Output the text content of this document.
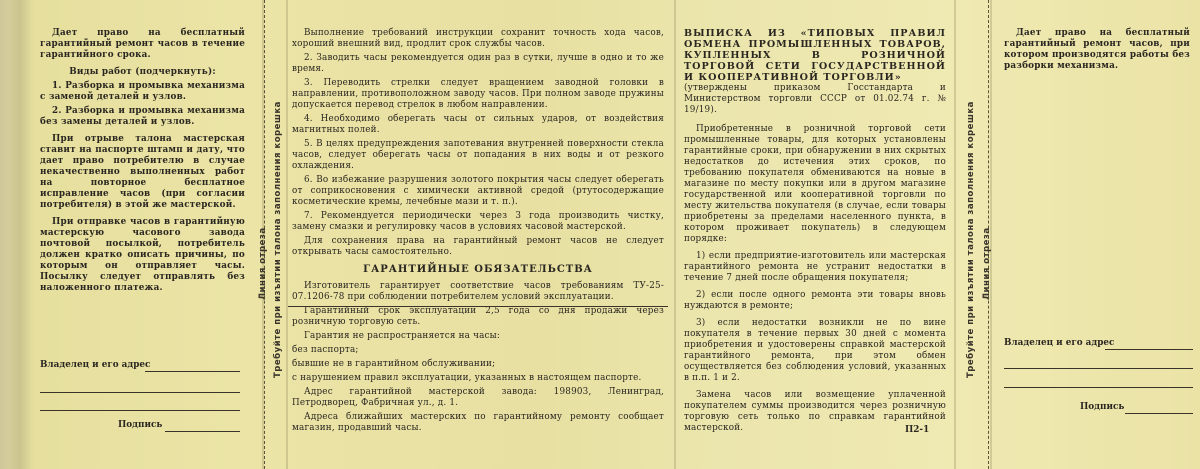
Дает право на бесплатный гарантийный ремонт часов в течение гарантийного срока.

Виды работ (подчеркнуть):

1. Разборка и промывка механизма с заменой деталей и узлов.

2. Разборка и промывка механизма без замены деталей и узлов.

При отрыве талона мастерская ставит на паспорте штамп и дату, что дает право потребителю в случае некачественно выполненных работ на повторное бесплатное исправление часов (при согласии потребителя) в этой же мастерской.

При отправке часов в гарантийную мастерскую часового завода почтовой посылкой, потребитель должен кратко описать причины, по которым он отправляет часы. Посылку следует отправлять без наложенного платежа.

Владелец и его адрес
Подпись
Линия отреза Требуйте при изъятии талона заполнения корешка

Выполнение требований инструкции сохранит точность хода часов, хороший внешний вид, продлит срок службы часов.

2. Заводить часы рекомендуется один раз в сутки, лучше в одно и то же время.

3. Переводить стрелки следует вращением заводной головки в направлении, противоположном заводу часов. При полном заводе пружины допускается перевод стрелок в любом направлении.

4. Необходимо оберегать часы от сильных ударов, от воздействия магнитных полей.

5. В целях предупреждения запотевания внутренней поверхности стекла часов, следует оберегать часы от попадания в них воды и от резкого охлаждения.

6. Во избежание разрушения золотого покрытия часы следует оберегать от соприкосновения с химически активной средой (ртутосодержащие косметические кремы, лечебные мази и т. п.).

7. Рекомендуется периодически через 3 года производить чистку, замену смазки и регулировку часов в условиях часовой мастерской.

Для сохранения права на гарантийный ремонт часов не следует открывать часы самостоятельно.

ГАРАНТИЙНЫЕ ОБЯЗАТЕЛЬСТВА

Изготовитель гарантирует соответствие часов требованиям ТУ-25-07.1206-78 при соблюдении потребителем условий эксплуатации.

Гарантийный срок эксплуатации 2,5 года со дня продажи через розничную торговую сеть.

Гарантия не распространяется на часы:

без паспорта;

бывшие не в гарантийном обслуживании;

с нарушением правил эксплуатации, указанных в настоящем паспорте.

Адрес гарантийной мастерской завода: 198903, Ленинград, Петродворец, Фабричная ул., д. 1.

Адреса ближайших мастерских по гарантийному ремонту сообщает магазин, продавший часы.

ВЫПИСКА ИЗ «ТИПОВЫХ ПРАВИЛ ОБМЕНА ПРОМЫШЛЕННЫХ ТОВАРОВ, КУПЛЕННЫХ В РОЗНИЧНОЙ ТОРГОВОЙ СЕТИ ГОСУДАРСТВЕННОЙ И КООПЕРАТИВНОЙ ТОРГОВЛИ»

(утверждены приказом Госстандарта и Министерством торговли СССР от 01.02.74 г. № 19/19).

Приобретенные в розничной торговой сети промышленные товары, для которых установлены гарантийные сроки, при обнаружении в них скрытых недостатков до истечения этих сроков, по требованию покупателя обмениваются на новые в магазине по месту покупки или в другом магазине государственной или кооперативной торговли по месту жительства покупателя (в случае, если товары приобретены за пределами населенного пункта, в котором проживает покупатель) в следующем порядке:

1) если предприятие-изготовитель или мастерская гарантийного ремонта не устранит недостатки в течение 7 дней после обращения покупателя;

2) если после одного ремонта эти товары вновь нуждаются в ремонте;

3) если недостатки возникли не по вине покупателя в течение первых 30 дней с момента приобретения и удостоверены справкой мастерской гарантийного ремонта, при этом обмен осуществляется без соблюдения условий, указанных в п.п. 1 и 2.

Замена часов или возмещение уплаченной покупателем суммы производится через розничную торговую сеть только по справкам гарантийной мастерской.	П2-1
Требуйте при изъятии талона заполнения корешка Линия отреза

Дает право на бесплатный гарантийный ремонт часов, при котором производятся работы без разборки механизма.

Владелец и его адрес
Подпись
